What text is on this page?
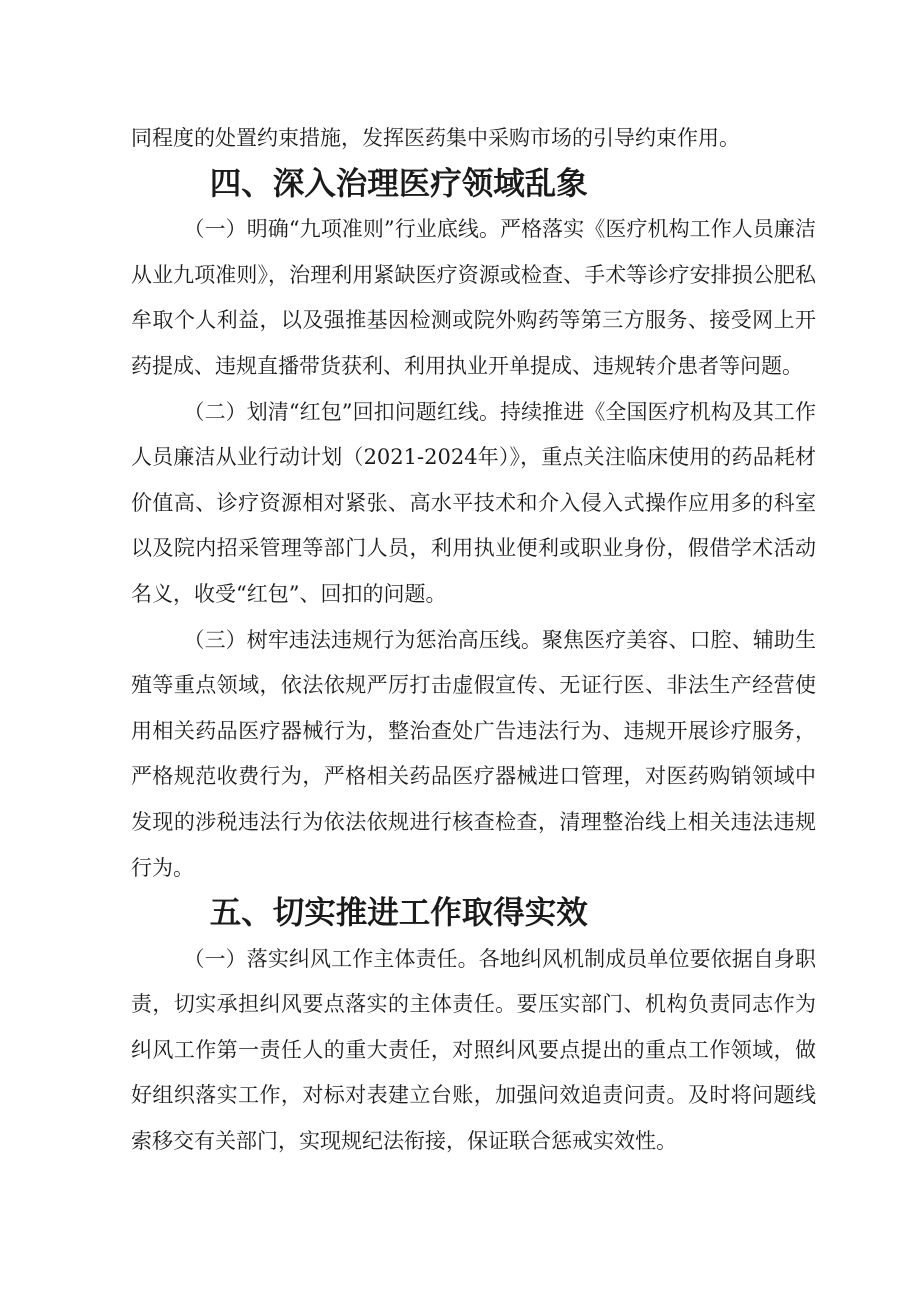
同程度的处置约束措施，发挥医药集中采购市场的引导约束作用。

四、深入治理医疗领域乱象

（一）明确“九项准则”行业底线。严格落实《医疗机构工作人员廉洁从业九项准则》，治理利用紧缺医疗资源或检查、手术等诊疗安排损公肥私牟取个人利益，以及强推基因检测或院外购药等第三方服务、接受网上开药提成、违规直播带货获利、利用执业开单提成、违规转介患者等问题。

（二）划清“红包”回扣问题红线。持续推进《全国医疗机构及其工作人员廉洁从业行动计划（2021-2024年）》，重点关注临床使用的药品耗材价值高、诊疗资源相对紧张、高水平技术和介入侵入式操作应用多的科室以及院内招采管理等部门人员，利用执业便利或职业身份，假借学术活动名义，收受“红包”、回扣的问题。

（三）树牢违法违规行为惩治高压线。聚焦医疗美容、口腔、辅助生殖等重点领域，依法依规严厉打击虚假宣传、无证行医、非法生产经营使用相关药品医疗器械行为，整治查处广告违法行为、违规开展诊疗服务，严格规范收费行为，严格相关药品医疗器械进口管理，对医药购销领域中发现的涉税违法行为依法依规进行核查检查，清理整治线上相关违法违规行为。

五、切实推进工作取得实效

（一）落实纠风工作主体责任。各地纠风机制成员单位要依据自身职责，切实承担纠风要点落实的主体责任。要压实部门、机构负责同志作为纠风工作第一责任人的重大责任，对照纠风要点提出的重点工作领域，做好组织落实工作，对标对表建立台账，加强问效追责问责。及时将问题线索移交有关部门，实现规纪法衔接，保证联合惩戒实效性。
